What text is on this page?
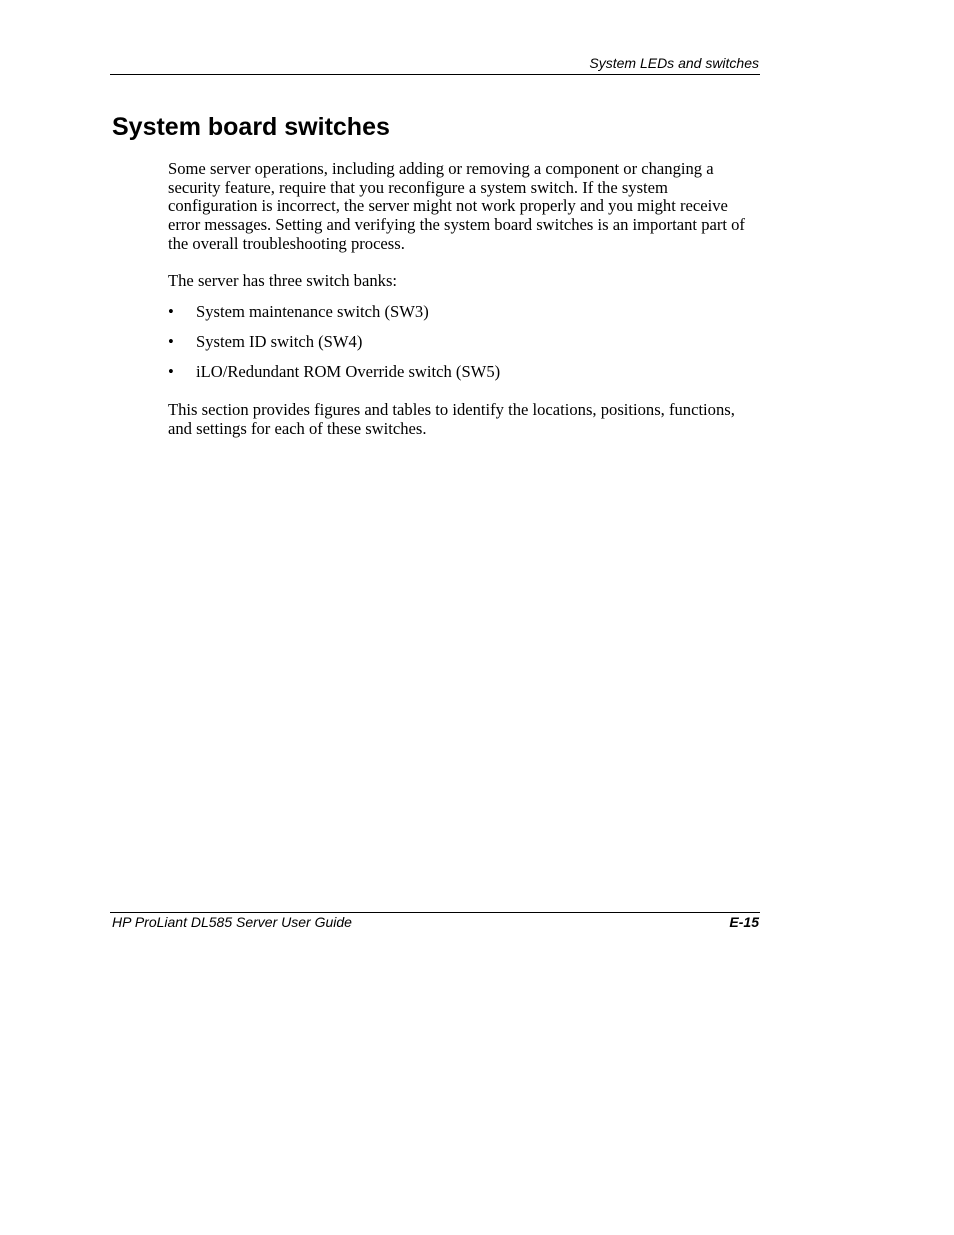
System LEDs and switches
System board switches

Some server operations, including adding or removing a component or changing a security feature, require that you reconfigure a system switch. If the system configuration is incorrect, the server might not work properly and you might receive error messages. Setting and verifying the system board switches is an important part of the overall troubleshooting process.

The server has three switch banks:

• System maintenance switch (SW3)
• System ID switch (SW4)
• iLO/Redundant ROM Override switch (SW5)

This section provides figures and tables to identify the locations, positions, functions, and settings for each of these switches.

HP ProLiant DL585 Server User Guide	E-15
